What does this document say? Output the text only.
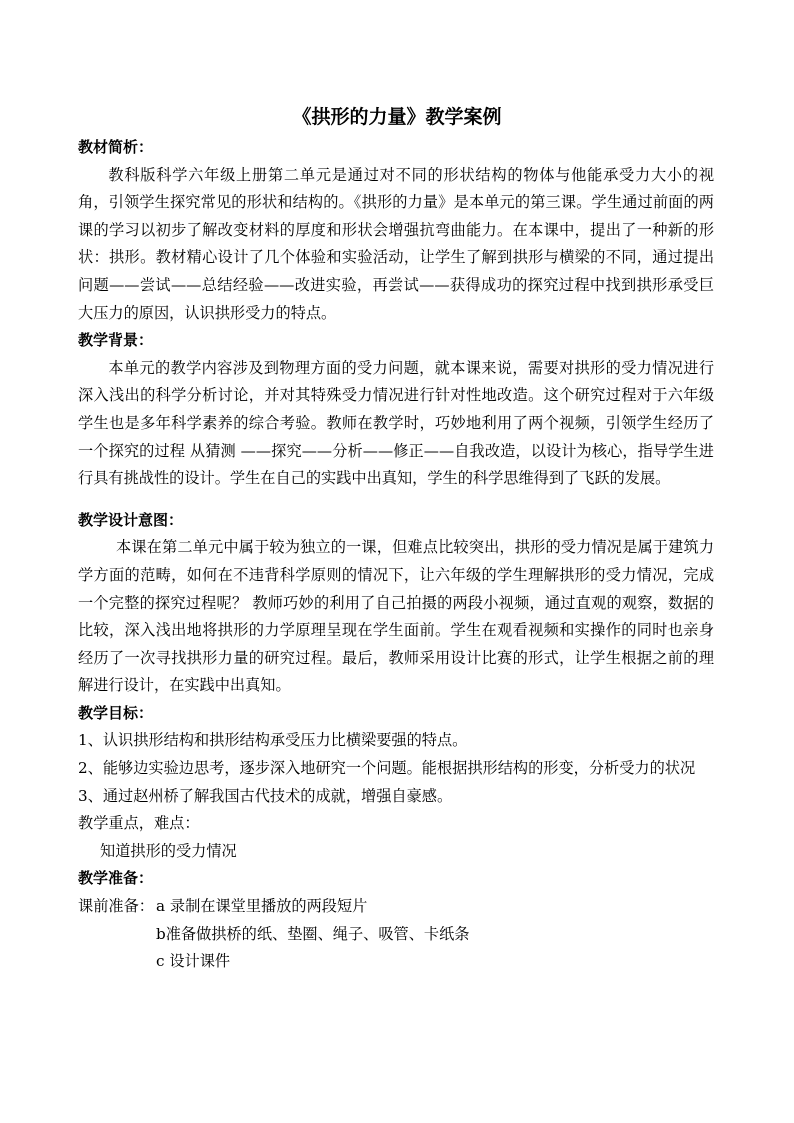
《拱形的力量》教学案例
教材简析：

教科版科学六年级上册第二单元是通过对不同的形状结构的物体与他能承受力大小的视角，引领学生探究常见的形状和结构的。《拱形的力量》是本单元的第三课。学生通过前面的两课的学习以初步了解改变材料的厚度和形状会增强抗弯曲能力。在本课中，提出了一种新的形状：拱形。教材精心设计了几个体验和实验活动，让学生了解到拱形与横梁的不同，通过提出问题——尝试——总结经验——改进实验，再尝试——获得成功的探究过程中找到拱形承受巨大压力的原因，认识拱形受力的特点。

教学背景：

本单元的教学内容涉及到物理方面的受力问题，就本课来说，需要对拱形的受力情况进行深入浅出的科学分析讨论，并对其特殊受力情况进行针对性地改造。这个研究过程对于六年级学生也是多年科学素养的综合考验。教师在教学时，巧妙地利用了两个视频，引领学生经历了一个探究的过程 从猜测 ——探究——分析——修正——自我改造，以设计为核心，指导学生进行具有挑战性的设计。学生在自己的实践中出真知，学生的科学思维得到了飞跃的发展。

教学设计意图：

本课在第二单元中属于较为独立的一课，但难点比较突出，拱形的受力情况是属于建筑力学方面的范畴，如何在不违背科学原则的情况下，让六年级的学生理解拱形的受力情况，完成一个完整的探究过程呢？ 教师巧妙的利用了自己拍摄的两段小视频，通过直观的观察，数据的比较，深入浅出地将拱形的力学原理呈现在学生面前。学生在观看视频和实操作的同时也亲身经历了一次寻找拱形力量的研究过程。最后，教师采用设计比赛的形式，让学生根据之前的理解进行设计，在实践中出真知。

教学目标：

1、认识拱形结构和拱形结构承受压力比横梁要强的特点。

2、能够边实验边思考，逐步深入地研究一个问题。能根据拱形结构的形变，分析受力的状况

3、通过赵州桥了解我国古代技术的成就，增强自豪感。

教学重点，难点：
知道拱形的受力情况
教学准备：
课前准备： a 录制在课堂里播放的两段短片
b准备做拱桥的纸、垫圈、绳子、吸管、卡纸条
c 设计课件
